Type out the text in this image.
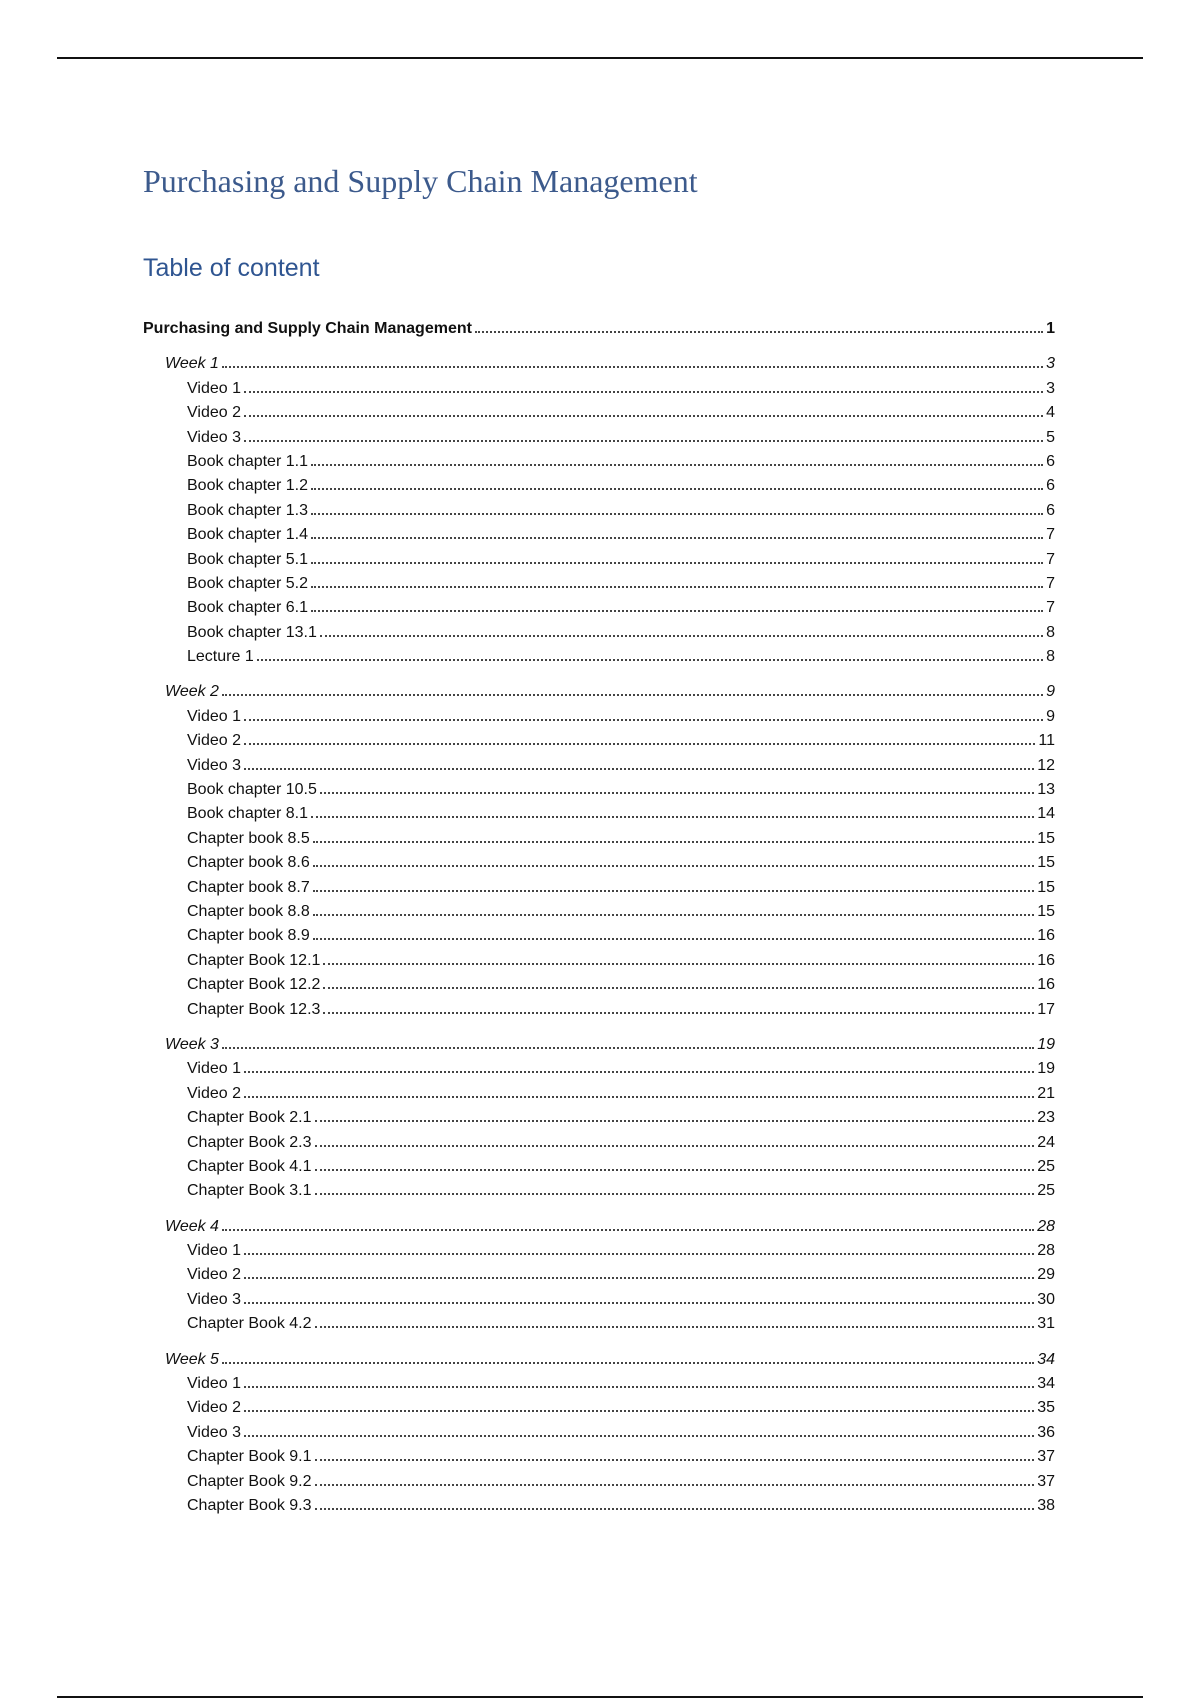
Purchasing and Supply Chain Management
Table of content
Purchasing and Supply Chain Management	1
Week 1	3
Video 1	3
Video 2	4
Video 3	5
Book chapter 1.1	6
Book chapter 1.2	6
Book chapter 1.3	6
Book chapter 1.4	7
Book chapter 5.1	7
Book chapter 5.2	7
Book chapter 6.1	7
Book chapter 13.1	8
Lecture 1	8
Week 2	9
Video 1	9
Video 2	11
Video 3	12
Book chapter 10.5	13
Book chapter 8.1	14
Chapter book 8.5	15
Chapter book 8.6	15
Chapter book 8.7	15
Chapter book 8.8	15
Chapter book 8.9	16
Chapter Book 12.1	16
Chapter Book 12.2	16
Chapter Book 12.3	17
Week 3	19
Video 1	19
Video 2	21
Chapter Book 2.1	23
Chapter Book 2.3	24
Chapter Book 4.1	25
Chapter Book 3.1	25
Week 4	28
Video 1	28
Video 2	29
Video 3	30
Chapter Book 4.2	31
Week 5	34
Video 1	34
Video 2	35
Video 3	36
Chapter Book 9.1	37
Chapter Book 9.2	37
Chapter Book 9.3	38
